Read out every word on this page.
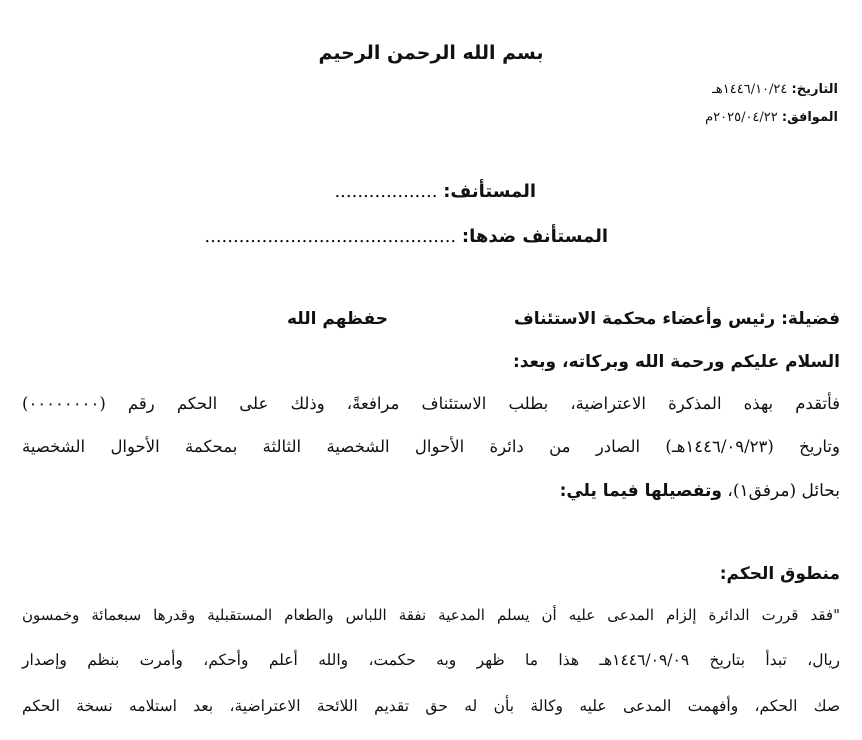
بسم الله الرحمن الرحيم
التاريخ: ١٤٤٦/١٠/٢٤هـ
الموافق: ٢٠٢٥/٠٤/٢٢م
المستأنف: ..................
المستأنف ضدها: ............................................
فضيلة: رئيس وأعضاء محكمة الاستئناف
حفظهم الله
السلام عليكم ورحمة الله وبركاته، وبعد:
فأتقدم بهذه المذكرة الاعتراضية، بطلب الاستئناف مرافعةً، وذلك على الحكم رقم (٠٠٠٠٠٠٠٠)
وتاريخ (١٤٤٦/٠٩/٢٣هـ) الصادر من دائرة الأحوال الشخصية الثالثة بمحكمة الأحوال الشخصية
بحائل (مرفق١)، وتفصيلها فيما يلي:
منطوق الحكم:
"فقد قررت الدائرة إلزام المدعى عليه أن يسلم المدعية نفقة اللباس والطعام المستقبلية وقدرها سبعمائة وخمسون
ريال، تبدأ بتاريخ ١٤٤٦/٠٩/٠٩هـ هذا ما ظهر وبه حكمت، والله أعلم وأحكم، وأمرت بنظم وإصدار
صك الحكم، وأفهمت المدعى عليه وكالة بأن له حق تقديم اللائحة الاعتراضية، بعد استلامه نسخة الحكم
